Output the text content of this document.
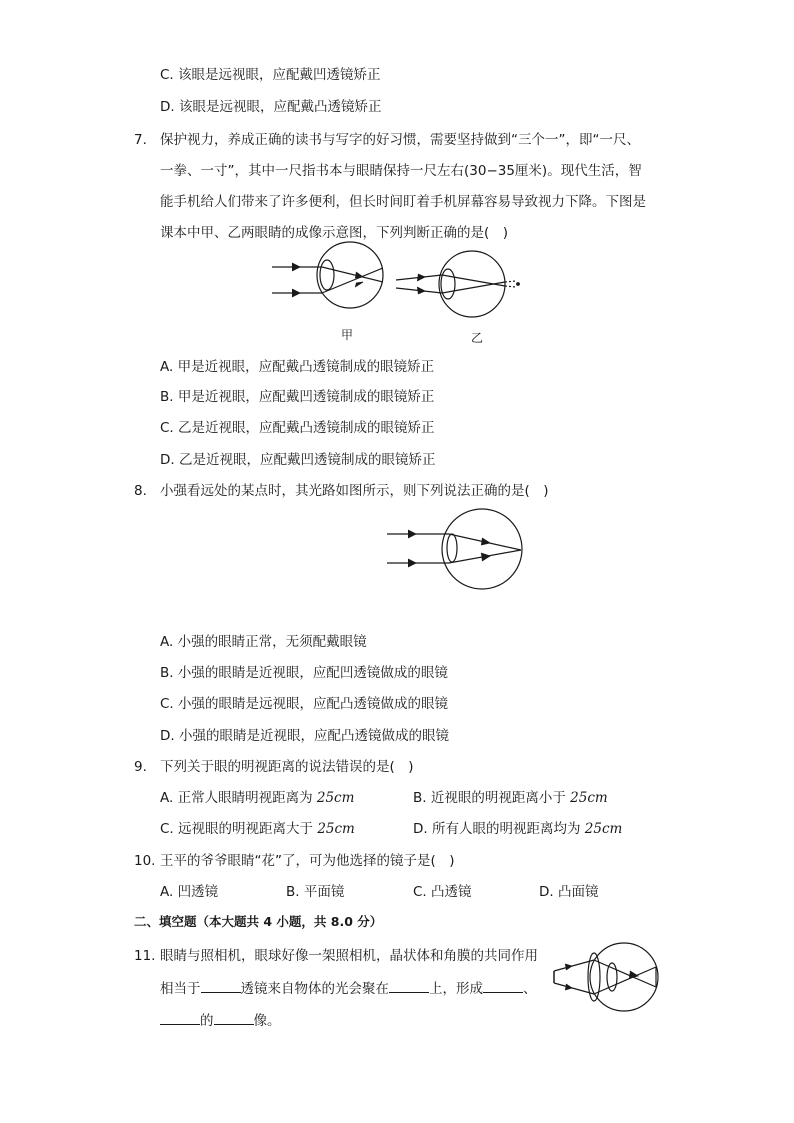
C. 该眼是远视眼，应配戴凹透镜矫正
D. 该眼是远视眼，应配戴凸透镜矫正
7. 保护视力，养成正确的读书与写字的好习惯，需要坚持做到“三个一”，即“一尺、
一拳、一寸”，其中一尺指书本与眼睛保持一尺左右(30−35厘米)。现代生活，智
能手机给人们带来了许多便利，但长时间盯着手机屏幕容易导致视力下降。下图是
课本中甲、乙两眼睛的成像示意图，下列判断正确的是(　)
甲	乙
A. 甲是近视眼，应配戴凸透镜制成的眼镜矫正
B. 甲是近视眼，应配戴凹透镜制成的眼镜矫正
C. 乙是近视眼，应配戴凸透镜制成的眼镜矫正
D. 乙是近视眼，应配戴凹透镜制成的眼镜矫正
8. 小强看远处的某点时，其光路如图所示，则下列说法正确的是(　)
A. 小强的眼睛正常，无须配戴眼镜
B. 小强的眼睛是近视眼，应配凹透镜做成的眼镜
C. 小强的眼睛是远视眼，应配凸透镜做成的眼镜
D. 小强的眼睛是近视眼，应配凸透镜做成的眼镜
9. 下列关于眼的明视距离的说法错误的是(　)
A. 正常人眼睛明视距离为 25cm	B. 近视眼的明视距离小于 25cm
C. 远视眼的明视距离大于 25cm	D. 所有人眼的明视距离均为 25cm
10. 王平的爷爷眼睛“花”了，可为他选择的镜子是(　)
A. 凹透镜	B. 平面镜	C. 凸透镜	D. 凸面镜
二、填空题（本大题共 4 小题，共 8.0 分）
11. 眼睛与照相机，眼球好像一架照相机，晶状体和角膜的共同作用
相当于	透镜来自物体的光会聚在	上，形成	、
的	像。
